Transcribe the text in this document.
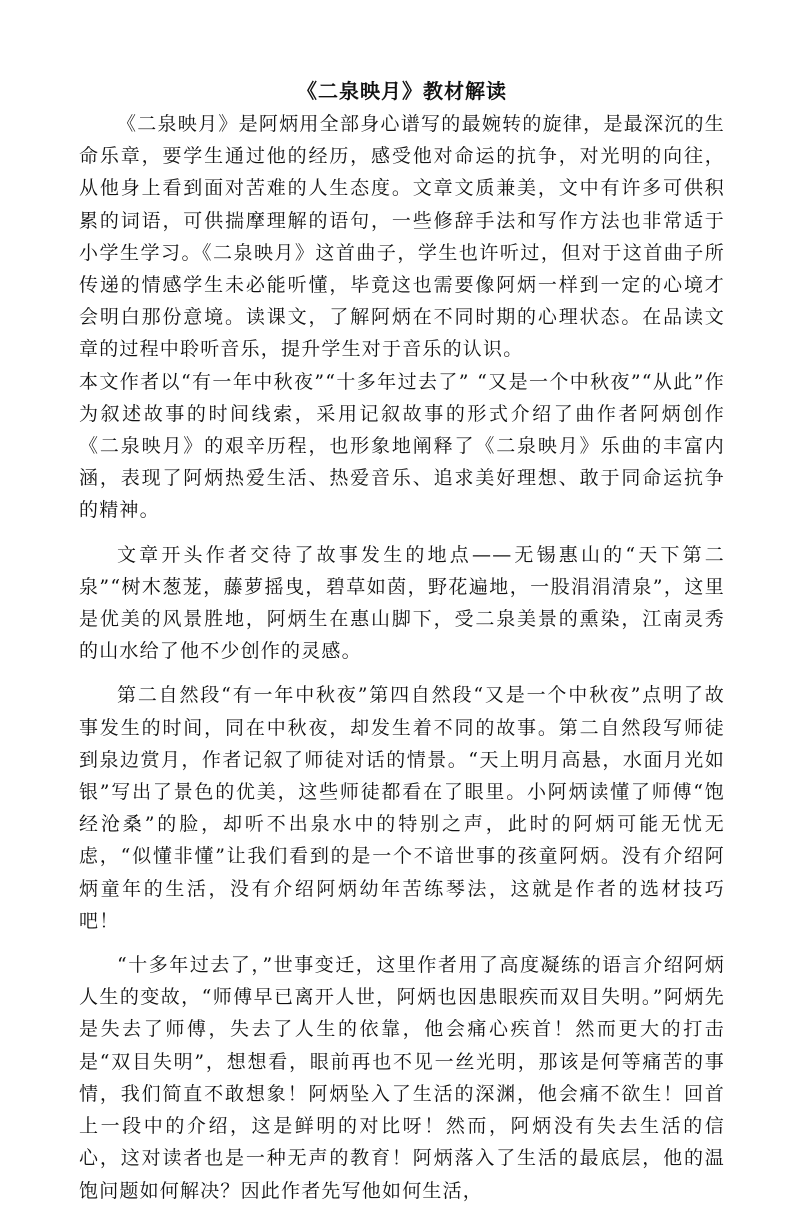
《二泉映月》教材解读

《二泉映月》是阿炳用全部身心谱写的最婉转的旋律，是最深沉的生命乐章，要学生通过他的经历，感受他对命运的抗争，对光明的向往，从他身上看到面对苦难的人生态度。文章文质兼美，文中有许多可供积累的词语，可供揣摩理解的语句，一些修辞手法和写作方法也非常适于小学生学习。《二泉映月》这首曲子，学生也许听过，但对于这首曲子所传递的情感学生未必能听懂，毕竟这也需要像阿炳一样到一定的心境才会明白那份意境。读课文，了解阿炳在不同时期的心理状态。在品读文章的过程中聆听音乐，提升学生对于音乐的认识。

本文作者以“有一年中秋夜”“十多年过去了” “又是一个中秋夜”“从此”作为叙述故事的时间线索，采用记叙故事的形式介绍了曲作者阿炳创作《二泉映月》的艰辛历程，也形象地阐释了《二泉映月》乐曲的丰富内涵，表现了阿炳热爱生活、热爱音乐、追求美好理想、敢于同命运抗争的精神。

文章开头作者交待了故事发生的地点——无锡惠山的“天下第二泉”“树木葱茏，藤萝摇曳，碧草如茵，野花遍地，一股涓涓清泉”，这里是优美的风景胜地，阿炳生在惠山脚下，受二泉美景的熏染，江南灵秀的山水给了他不少创作的灵感。

第二自然段“有一年中秋夜”第四自然段“又是一个中秋夜”点明了故事发生的时间，同在中秋夜，却发生着不同的故事。第二自然段写师徒到泉边赏月，作者记叙了师徒对话的情景。“天上明月高悬，水面月光如银”写出了景色的优美，这些师徒都看在了眼里。小阿炳读懂了师傅“饱经沧桑”的脸，却听不出泉水中的特别之声，此时的阿炳可能无忧无虑，“似懂非懂”让我们看到的是一个不谙世事的孩童阿炳。没有介绍阿炳童年的生活，没有介绍阿炳幼年苦练琴法，这就是作者的选材技巧吧！

“十多年过去了，”世事变迁，这里作者用了高度凝练的语言介绍阿炳人生的变故，“师傅早已离开人世，阿炳也因患眼疾而双目失明。”阿炳先是失去了师傅，失去了人生的依靠，他会痛心疾首！然而更大的打击是“双目失明”，想想看，眼前再也不见一丝光明，那该是何等痛苦的事情，我们简直不敢想象！阿炳坠入了生活的深渊，他会痛不欲生！回首上一段中的介绍，这是鲜明的对比呀！然而，阿炳没有失去生活的信心，这对读者也是一种无声的教育！阿炳落入了生活的最底层，他的温饱问题如何解决？因此作者先写他如何生活，
